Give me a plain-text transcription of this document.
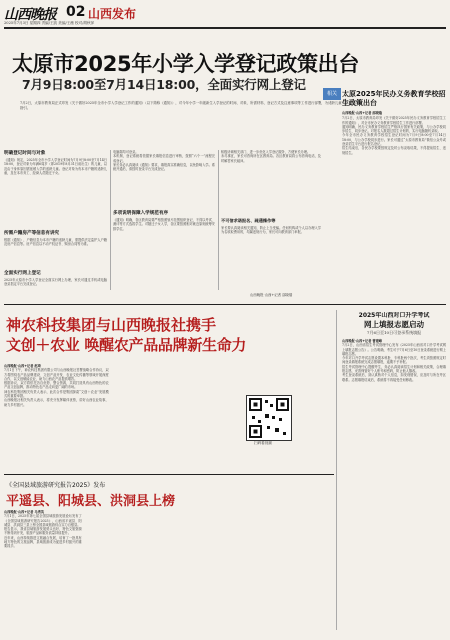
山西晚报 02 山西发布
2025年7月3日 星期四 责编/王凯 美编/王薇 校对/胡秋萍
太原市2025年小学入学登记政策出台
7月9日8:00至7月14日18:00，全面实行网上登记
7月2日，太原市教育局正式印发《关于做好2025年全市小学入学登记工作的通知》（以下简称《通知》），对今年小学一年级新生入学登记的时间、对象、所需材料、登记方式及注意事项等工作进行部署，为适龄儿童入学提供清晰指引。
明确登记时间与对象
《通知》规定，2025年全市小学入学登记时间为7月9日8:00至7月14日18:00，登记对象为年满6周岁（即2019年8月31日前出生）的儿童，以及由于身体原因需延缓入学的适龄儿童。登记对象为有本市户籍的适龄儿童，及在本市务工、经商人员随迁子女。
所需户籍房产等信息有讲究
根据《通知》，户籍信息为本市户籍的适龄儿童，需提供法定监护人户籍及房产信息等。房产信息以不动产权证书、购房合同等为准。
全面实行网上登记
2025年太原市小学入学登记全面实行网上办理，家长可通过手机或电脑登录指定平台完成登记。
电脑端均可登录。
本机制，登记系统将依据家长填报信息进行审核，按照“六个一”流程完成登记。
家长务必认真阅读《通知》要求，填报真实准确信息，以免影响入学。系统开通后，请按时登录平台完成登记。
多项说明保障入学规范有序
《通知》明确，各区教育局要严格按照划片范围组织登记，不得以考试、测评等方式选拔学生。对随迁子女入学，各区要按照相对就近原则统筹安排学位。
积极协调相关部门，进一步优化入学登记服务，方便家长办理。
未尽事宜，家长可咨询所在区教育局。各区教育局将公布咨询电话，及时解答家长疑问。
不可信求诺报名、疏通操作等
家长要认真阅读相关通知，防止上当受骗。任何机构或个人以办理入学为名收取费用的，均属违规行为，家长可向教育部门举报。
山西晚报·山西+记者 邵晓瑞
相关 太原2025年民办义务教育学校招生政策出台
山西晚报·山西+记者 邵晓瑞
7月2日，太原市教育局印发《关于做好2025年民办义务教育学校招生工作的通知》，对全市民办义务教育学校招生工作进行部署。
通知明确，民办义务教育学校招生严格执行国家有关政策，与公办学校同步招生、同步登记。对报名人数超过招生计划的，实行电脑随机录取。
今年全市民办义务教育学校招生登记时间为7月9日8:00至7月14日18:00，与公办学校同步进行。家长可通过“太原市教育局”微信公众号或登录招生平台进行报名登记。
招生结束后，各民办学校要按规定及时公布录取结果，不得提前招生、违规招生。
神农科技集团与山西晚报社携手
文创＋农业 唤醒农产品品牌新生命力
山西晚报·山西+记者 赵琦
7月1日下午，神农科技集团有限公司与山西晚报社签署战略合作协议，双方将围绕农产品品牌建设、文创产品开发、农业文化传播等领域开展深度合作，以文创赋能农业，助力山西农产品提质增效。
根据协议，双方将依托各自优势，整合资源，共同打造具有山西特色的农产品文创品牌，推动特色农产品走向更广阔的市场。
神农科技集团相关负责人表示，此次合作是集团探索“文创＋农业”发展模式的重要举措。
山西晚报社相关负责人表示，将充分发挥媒体优势，讲好山西农业故事，助力乡村振兴。
扫码看视频
2025年山西对口升学考试
网上填报志愿启动
7月6日至10日可登录系统填报
山西晚报·山西+记者 曹建峰
7月2日，山西省招生考试管理中心发布《2025年山西省对口升学考试网上填报志愿公告》。公告明确，考生可于7月6日至10日登录系统进行网上填报志愿。
今年对口升学考试志愿设置本科批、专科批两个批次，考生须按照规定时间登录填报系统完成志愿填报，逾期不予补报。
招生考试管理中心提醒考生，务必认真阅读招生计划和相关政策，合理填报志愿，妥善保管好个人账号和密码，防止他人篡改。
考生登录系统后，须认真核对个人信息，如发现错误，应及时与所在考区联系。志愿填报结束后，系统将不再接受任何修改。
《全国县域旅游研究报告2025》发布
平遥县、阳城县、洪洞县上榜
山西晚报·山西+记者 马秀英
7月1日，2025年第七届全国县域旅游发展论坛发布了《全国县域旅游研究报告2025》，山西省平遥县、阳城县、洪洞县三县上榜全国县域旅游综合实力百强县。
报告显示，我省县域旅游发展势头良好，特色文旅资源不断得到开发，旅游产品和服务质量持续提升。
近年来，山西持续推进文旅融合发展，培育了一批具有地方特色的文旅品牌，县域旅游成为促进乡村振兴的重要抓手。
